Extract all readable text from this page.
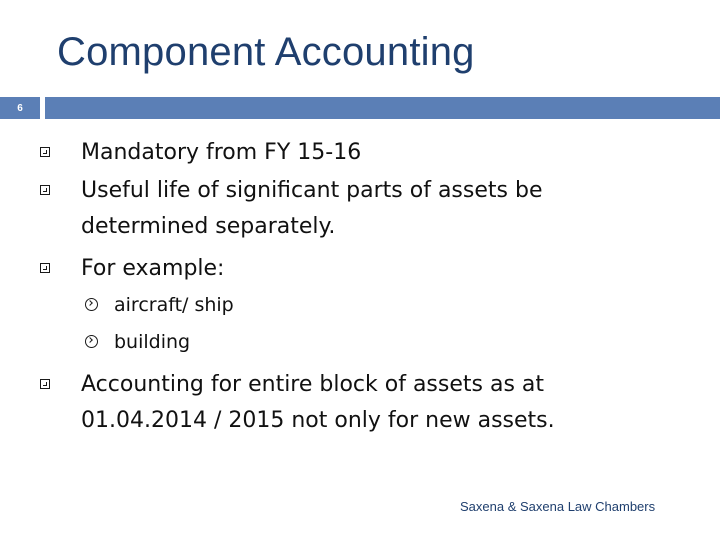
Component Accounting
6
Mandatory from FY 15-16
Useful life of significant parts of assets be
determined separately.
For example:
aircraft/ ship
building
Accounting for entire block of assets as at
01.04.2014 / 2015 not only for new assets.
Saxena & Saxena Law Chambers
